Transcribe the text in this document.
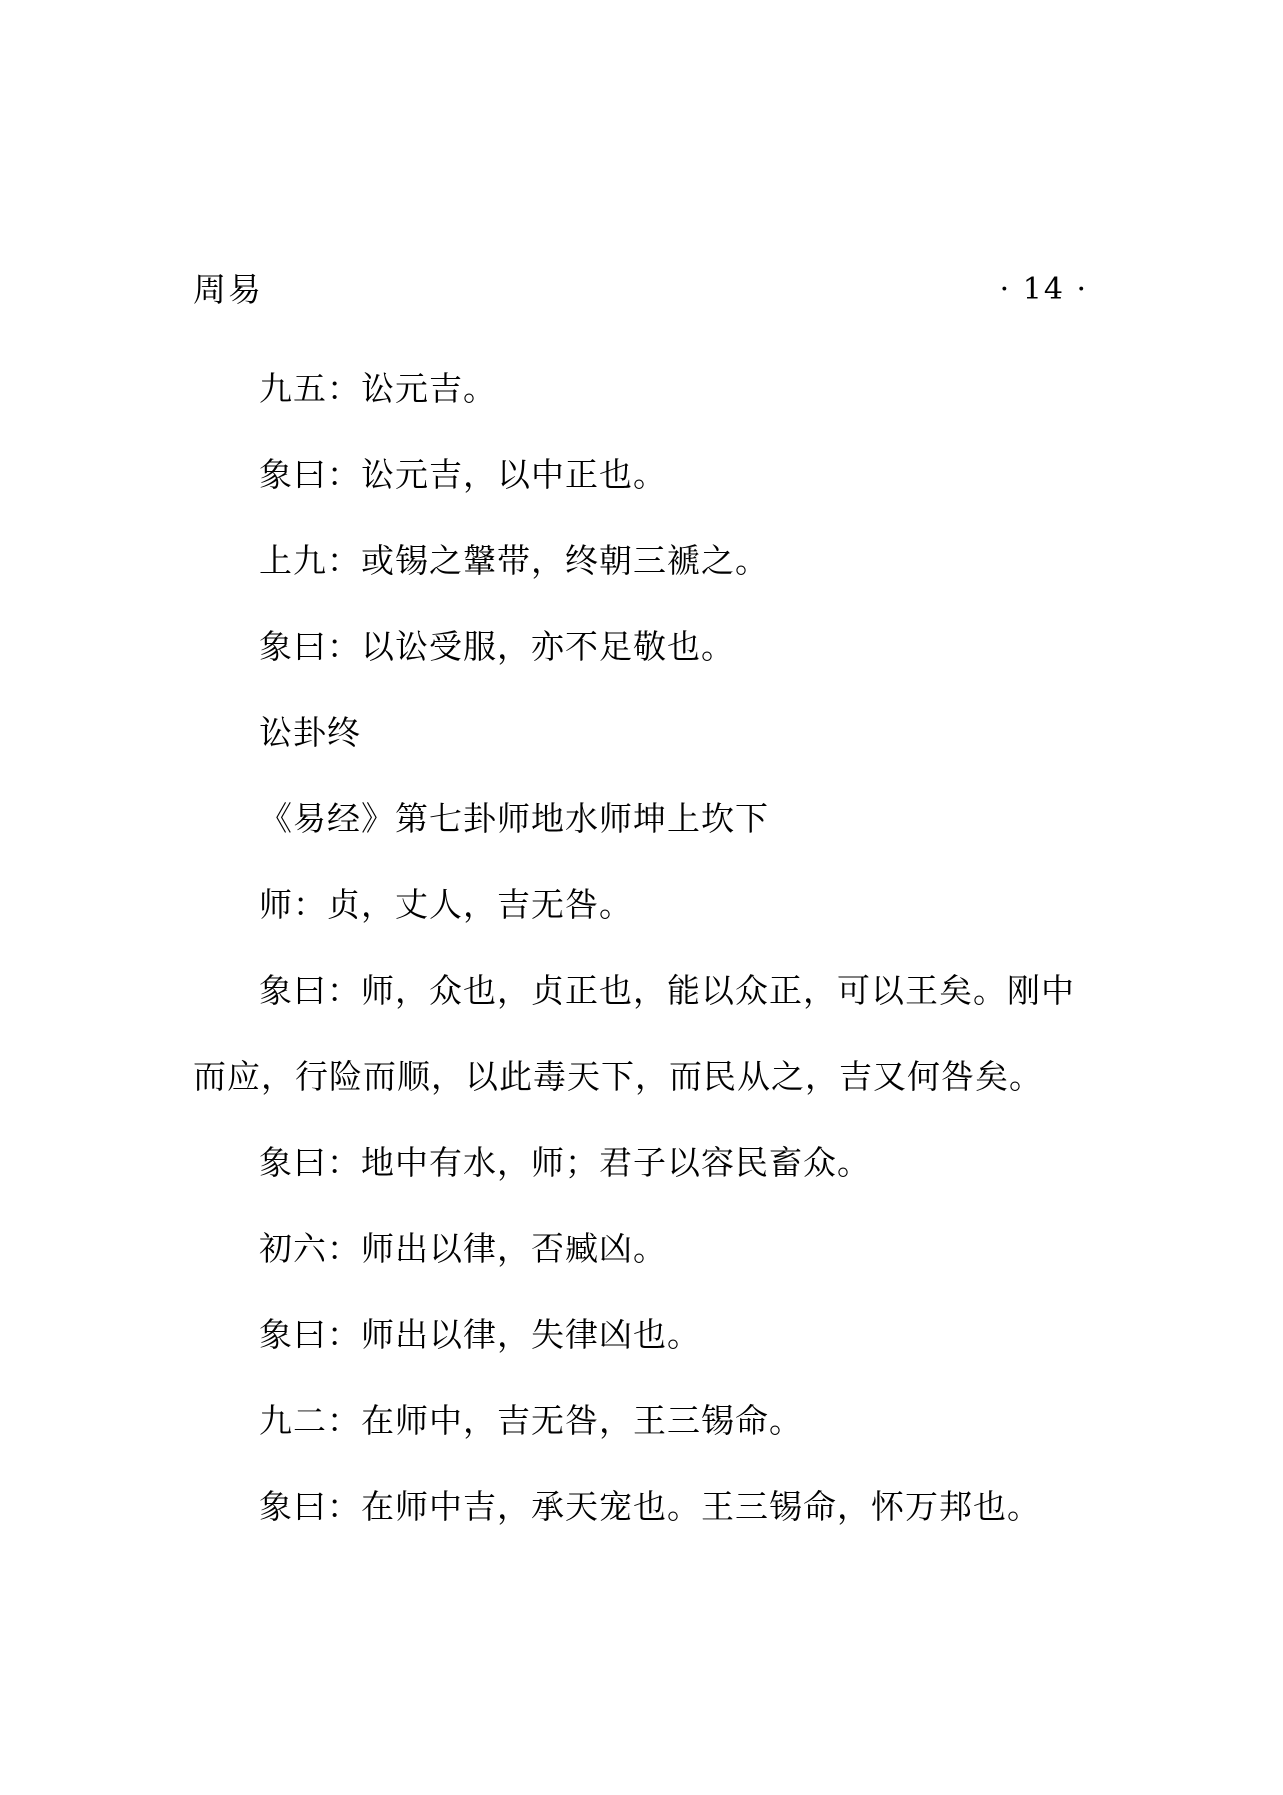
周易	· 14 ·

九五：讼元吉。

象曰：讼元吉，以中正也。

上九：或锡之鞶带，终朝三褫之。

象曰：以讼受服，亦不足敬也。

讼卦终

《易经》第七卦师地水师坤上坎下

师：贞，丈人，吉无咎。

象曰：师，众也，贞正也，能以众正，可以王矣。刚中而应，行险而顺，以此毒天下，而民从之，吉又何咎矣。

象曰：地中有水，师；君子以容民畜众。

初六：师出以律，否臧凶。

象曰：师出以律，失律凶也。

九二：在师中，吉无咎，王三锡命。

象曰：在师中吉，承天宠也。王三锡命，怀万邦也。
